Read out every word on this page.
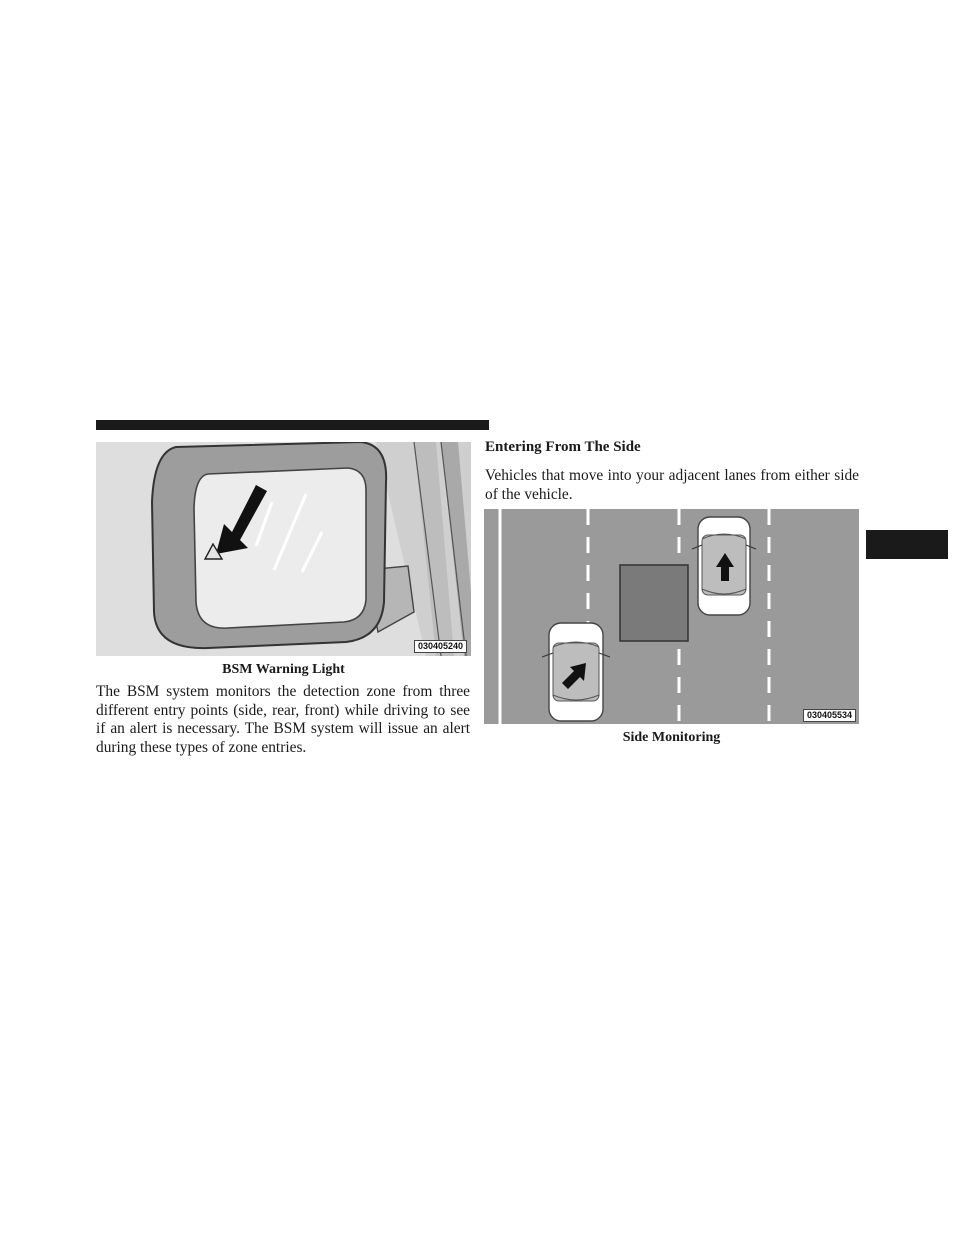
030405240
BSM Warning Light

The BSM system monitors the detection zone from three different entry points (side, rear, front) while driving to see if an alert is necessary. The BSM system will issue an alert during these types of zone entries.

Entering From The Side

Vehicles that move into your adjacent lanes from either side of the vehicle.

030405534
Side Monitoring
